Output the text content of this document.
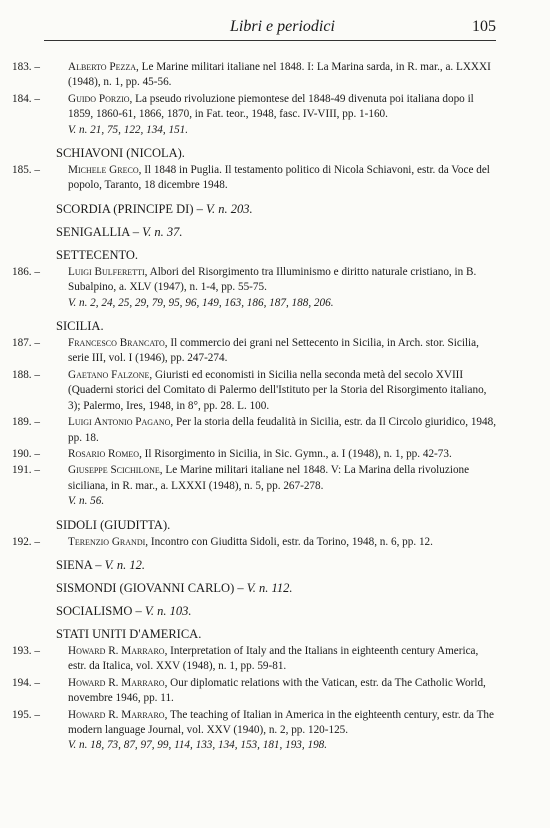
Libri e periodici	105
183. –	Alberto Pezza, Le Marine militari italiane nel 1848. I: La Marina sarda, in R. mar., a. LXXXI (1948), n. 1, pp. 45-56.
184. –	Guido Porzio, La pseudo rivoluzione piemontese del 1848-49 divenuta poi italiana dopo il 1859, 1860-61, 1866, 1870, in Fat. teor., 1948, fasc. IV-VIII, pp. 1-160.
V. n. 21, 75, 122, 134, 151.
SCHIAVONI (NICOLA).
185. –	Michele Greco, Il 1848 in Puglia. Il testamento politico di Nicola Schiavoni, estr. da Voce del popolo, Taranto, 18 dicembre 1948.
SCORDIA (PRINCIPE DI) – V. n. 203.
SENIGALLIA – V. n. 37.
SETTECENTO.
186. –	Luigi Bulferetti, Albori del Risorgimento tra Illuminismo e diritto naturale cristiano, in B. Subalpino, a. XLV (1947), n. 1-4, pp. 55-75.
V. n. 2, 24, 25, 29, 79, 95, 96, 149, 163, 186, 187, 188, 206.
SICILIA.
187. –	Francesco Brancato, Il commercio dei grani nel Settecento in Sicilia, in Arch. stor. Sicilia, serie III, vol. I (1946), pp. 247-274.
188. –	Gaetano Falzone, Giuristi ed economisti in Sicilia nella seconda metà del secolo XVIII (Quaderni storici del Comitato di Palermo dell'Istituto per la Storia del Risorgimento italiano, 3); Palermo, Ires, 1948, in 8°, pp. 28. L. 100.
189. –	Luigi Antonio Pagano, Per la storia della feudalità in Sicilia, estr. da Il Circolo giuridico, 1948, pp. 18.
190. –	Rosario Romeo, Il Risorgimento in Sicilia, in Sic. Gymn., a. I (1948), n. 1, pp. 42-73.
191. –	Giuseppe Scichilone, Le Marine militari italiane nel 1848. V: La Marina della rivoluzione siciliana, in R. mar., a. LXXXI (1948), n. 5, pp. 267-278.
V. n. 56.
SIDOLI (GIUDITTA).
192. –	Terenzio Grandi, Incontro con Giuditta Sidoli, estr. da Torino, 1948, n. 6, pp. 12.
SIENA – V. n. 12.
SISMONDI (GIOVANNI CARLO) – V. n. 112.
SOCIALISMO – V. n. 103.
STATI UNITI D'AMERICA.
193. –	Howard R. Marraro, Interpretation of Italy and the Italians in eighteenth century America, estr. da Italica, vol. XXV (1948), n. 1, pp. 59-81.
194. –	Howard R. Marraro, Our diplomatic relations with the Vatican, estr. da The Catholic World, novembre 1946, pp. 11.
195. –	Howard R. Marraro, The teaching of Italian in America in the eighteenth century, estr. da The modern language Journal, vol. XXV (1940), n. 2, pp. 120-125.
V. n. 18, 73, 87, 97, 99, 114, 133, 134, 153, 181, 193, 198.
